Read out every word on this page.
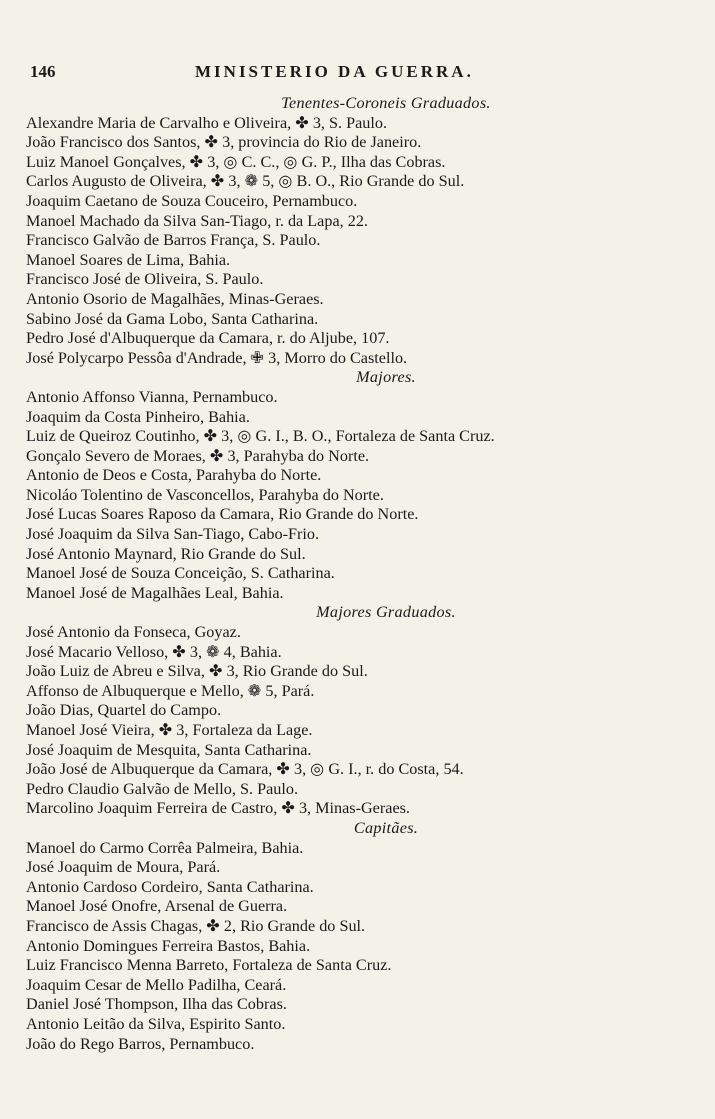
146	MINISTERIO DA GUERRA.
Tenentes-Coroneis Graduados.
Alexandre Maria de Carvalho e Oliveira, ✤ 3, S. Paulo.
João Francisco dos Santos, ✤ 3, provincia do Rio de Janeiro.
Luiz Manoel Gonçalves, ✤ 3, ◎ C. C., ◎ G. P., Ilha das Cobras.
Carlos Augusto de Oliveira, ✤ 3, ❁ 5, ◎ B. O., Rio Grande do Sul.
Joaquim Caetano de Souza Couceiro, Pernambuco.
Manoel Machado da Silva San-Tiago, r. da Lapa, 22.
Francisco Galvão de Barros França, S. Paulo.
Manoel Soares de Lima, Bahia.
Francisco José de Oliveira, S. Paulo.
Antonio Osorio de Magalhães, Minas-Geraes.
Sabino José da Gama Lobo, Santa Catharina.
Pedro José d'Albuquerque da Camara, r. do Aljube, 107.
José Polycarpo Pessôa d'Andrade, ✙ 3, Morro do Castello.
Majores.
Antonio Affonso Vianna, Pernambuco.
Joaquim da Costa Pinheiro, Bahia.
Luiz de Queiroz Coutinho, ✤ 3, ◎ G. I., B. O., Fortaleza de Santa Cruz.
Gonçalo Severo de Moraes, ✤ 3, Parahyba do Norte.
Antonio de Deos e Costa, Parahyba do Norte.
Nicoláo Tolentino de Vasconcellos, Parahyba do Norte.
José Lucas Soares Raposo da Camara, Rio Grande do Norte.
José Joaquim da Silva San-Tiago, Cabo-Frio.
José Antonio Maynard, Rio Grande do Sul.
Manoel José de Souza Conceição, S. Catharina.
Manoel José de Magalhães Leal, Bahia.
Majores Graduados.
José Antonio da Fonseca, Goyaz.
José Macario Velloso, ✤ 3, ❁ 4, Bahia.
João Luiz de Abreu e Silva, ✤ 3, Rio Grande do Sul.
Affonso de Albuquerque e Mello, ❁ 5, Pará.
João Dias, Quartel do Campo.
Manoel José Vieira, ✤ 3, Fortaleza da Lage.
José Joaquim de Mesquita, Santa Catharina.
João José de Albuquerque da Camara, ✤ 3, ◎ G. I., r. do Costa, 54.
Pedro Claudio Galvão de Mello, S. Paulo.
Marcolino Joaquim Ferreira de Castro, ✤ 3, Minas-Geraes.
Capitães.
Manoel do Carmo Corrêa Palmeira, Bahia.
José Joaquim de Moura, Pará.
Antonio Cardoso Cordeiro, Santa Catharina.
Manoel José Onofre, Arsenal de Guerra.
Francisco de Assis Chagas, ✤ 2, Rio Grande do Sul.
Antonio Domingues Ferreira Bastos, Bahia.
Luiz Francisco Menna Barreto, Fortaleza de Santa Cruz.
Joaquim Cesar de Mello Padilha, Ceará.
Daniel José Thompson, Ilha das Cobras.
Antonio Leitão da Silva, Espirito Santo.
João do Rego Barros, Pernambuco.
